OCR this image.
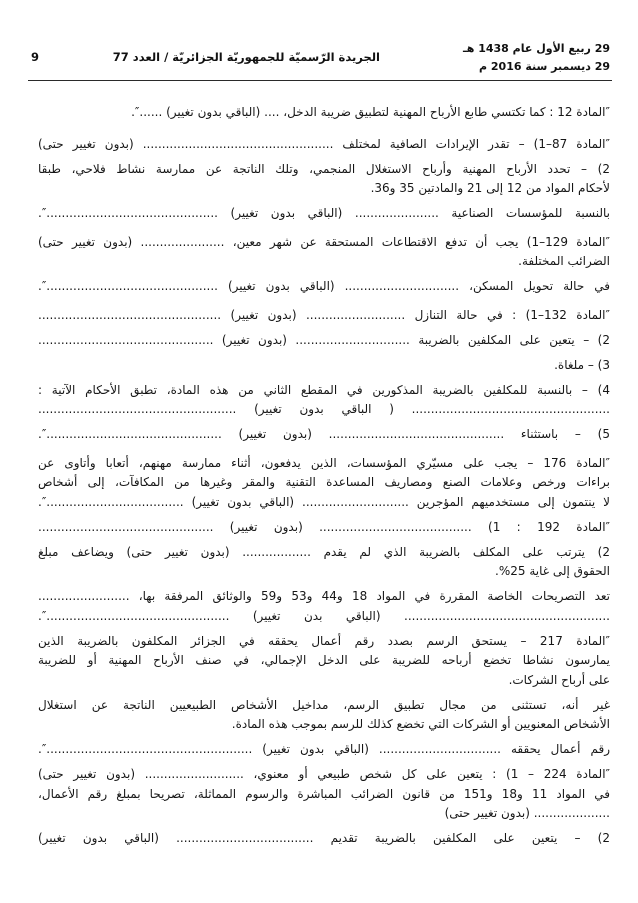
29 ربيع الأول عام 1438 هـ
29 ديسمبر سنة 2016 م
الجريدة الرّسميّة للجمهوريّة الجزائريّة / العدد 77
9
″المادة 12 : كما تكتسي طابع الأرباح المهنية لتطبيق ضريبة الدخل، .... (الباقي بدون تغيير) ......″.
″المادة 87–1) – تقدر الإيرادات الصافية لمختلف .................................................. (بدون تغيير حتى)
2) – تحدد الأرباح المهنية وأرباح الاستغلال المنجمي، وتلك الناتجة عن ممارسة نشاط فلاحي، طبقا
لأحكام المواد من 12 إلى 21 والمادتين 35 و36.
بالنسبة للمؤسسات الصناعية ...................... (الباقي بدون تغيير) .............................................″.
″المادة 129–1) يجب أن تدفع الاقتطاعات المستحقة عن شهر معين، ...................... (بدون تغيير حتى)
الضرائب المختلفة.
في حالة تحويل المسكن، .............................. (الباقي بدون تغيير) .............................................″.
″المادة 132–1) : في حالة التنازل .......................... (بدون تغيير) ................................................
2) – يتعين على المكلفين بالضريبة .............................. (بدون تغيير) ..............................................
3) – ملغاة.
4) – بالنسبة للمكلفين بالضريبة المذكورين في المقطع الثاني من هذه المادة، تطبق الأحكام الآتية :
.................................................... ( الباقي بدون تغيير) ....................................................
5) – باستثناء .............................................. (بدون تغيير) ..............................................″.
″المادة 176 – يجب على مسيّري المؤسسات، الذين يدفعون، أثناء ممارسة مهنهم، أتعابا وأتاوى عن
براءات ورخص وعلامات الصنع ومصاريف المساعدة التقنية والمقر وغيرها من المكافآت، إلى أشخاص
لا ينتمون إلى مستخدميهم المؤجرين ............................ (الباقي بدون تغيير) ....................................″.
″المادة 192 : 1) ........................................ (بدون تغيير) ..............................................
2) يترتب على المكلف بالضريبة الذي لم يقدم .................. (بدون تغيير حتى) ويضاعف مبلغ
الحقوق إلى غاية 25%.
تعد التصريحات الخاصة المقررة في المواد 18 و44 و53 و59 والوثائق المرفقة بها، ........................
...................................................... (الباقي بدن تغيير) ................................................″.
″المادة 217 – يستحق الرسم بصدد رقم أعمال يحققه في الجزائر المكلفون بالضريبة الذين
يمارسون نشاطا تخضع أرباحه للضريبة على الدخل الإجمالي، في صنف الأرباح المهنية أو للضريبة
على أرباح الشركات.
غير أنه، تستثنى من مجال تطبيق الرسم، مداخيل الأشخاص الطبيعيين الناتجة عن استغلال
الأشخاص المعنويين أو الشركات التي تخضع كذلك للرسم بموجب هذه المادة.
رقم أعمال يحققه ................................ (الباقي بدون تغيير) ......................................................″.
″المادة 224 – 1) : يتعين على كل شخص طبيعي أو معنوي، .......................... (بدون تغيير حتى)
في المواد 11 و18 و151 من قانون الضرائب المباشرة والرسوم المماثلة، تصريحا بمبلغ رقم الأعمال،
.................... (بدون تغيير حتى)
2) – يتعين على المكلفين بالضريبة تقديم .................................... (الباقي بدون تغيير)
